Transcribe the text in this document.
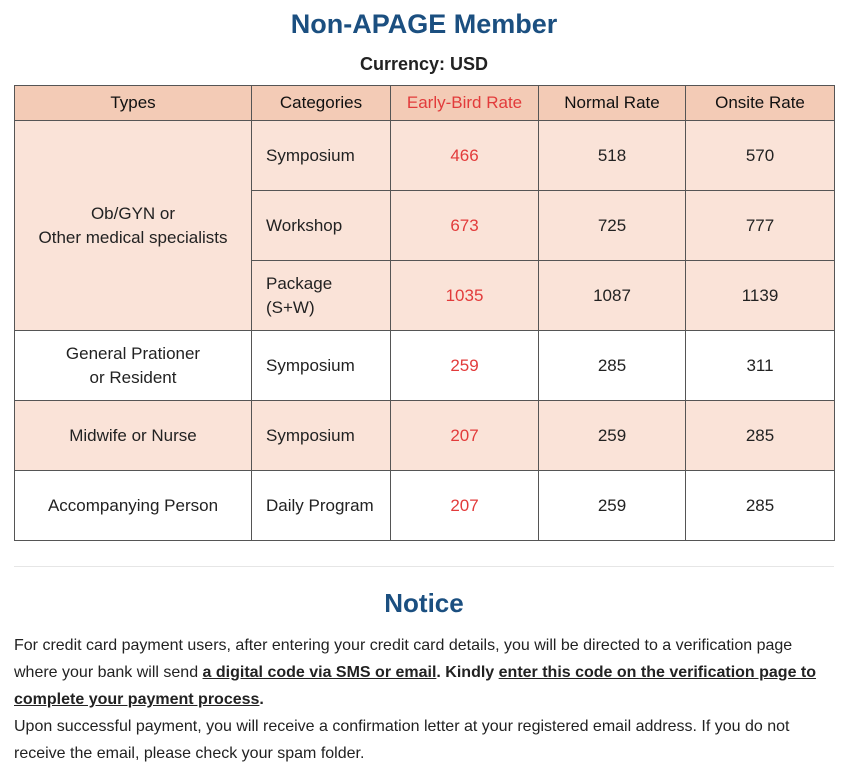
Non-APAGE Member
Currency: USD
Types	Categories	Early-Bird Rate	Normal Rate	Onsite Rate
Ob/GYN or
Other medical specialists	Symposium	466	518	570
	Workshop	673	725	777
	Package
(S+W)	1035	1087	1139
General Prationer
or Resident	Symposium	259	285	311
Midwife or Nurse	Symposium	207	259	285
Accompanying Person	Daily Program	207	259	285
Notice

For credit card payment users, after entering your credit card details, you will be directed to a verification page where your bank will send a digital code via SMS or email. Kindly enter this code on the verification page to complete your payment process.

Upon successful payment, you will receive a confirmation letter at your registered email address. If you do not receive the email, please check your spam folder.
